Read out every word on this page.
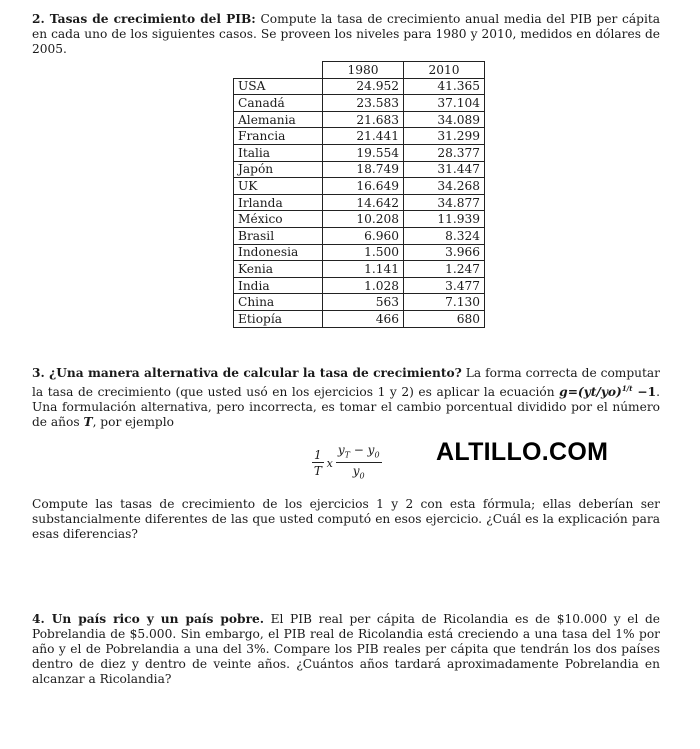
2. Tasas de crecimiento del PIB: Compute la tasa de crecimiento anual media del PIB per cápita en cada uno de los siguientes casos. Se proveen los niveles para 1980 y 2010, medidos en dólares de 2005.
	1980	2010
USA	24.952	41.365
Canadá	23.583	37.104
Alemania	21.683	34.089
Francia	21.441	31.299
Italia	19.554	28.377
Japón	18.749	31.447
UK	16.649	34.268
Irlanda	14.642	34.877
México	10.208	11.939
Brasil	6.960	8.324
Indonesia	1.500	3.966
Kenia	1.141	1.247
India	1.028	3.477
China	563	7.130
Etiopía	466	680
3. ¿Una manera alternativa de calcular la tasa de crecimiento? La forma correcta de computar la tasa de crecimiento (que usted usó en los ejercicios 1 y 2) es aplicar la ecuación $g=(yt/yo)^{1/t} -1$. Una formulación alternativa, pero incorrecta, es tomar el cambio porcentual dividido por el número de años T, por ejemplo
$\frac{1}{T}$ x $\frac{y_T - y_0}{y_0}$ ALTILLO.COM
Compute las tasas de crecimiento de los ejercicios 1 y 2 con esta fórmula; ellas deberían ser substancialmente diferentes de las que usted computó en esos ejercicio. ¿Cuál es la explicación para esas diferencias?
4. Un país rico y un país pobre. El PIB real per cápita de Ricolandia es de $10.000 y el de Pobrelandia de $5.000. Sin embargo, el PIB real de Ricolandia está creciendo a una tasa del 1% por año y el de Pobrelandia a una del 3%. Compare los PIB reales per cápita que tendrán los dos países dentro de diez y dentro de veinte años. ¿Cuántos años tardará aproximadamente Pobrelandia en alcanzar a Ricolandia?
